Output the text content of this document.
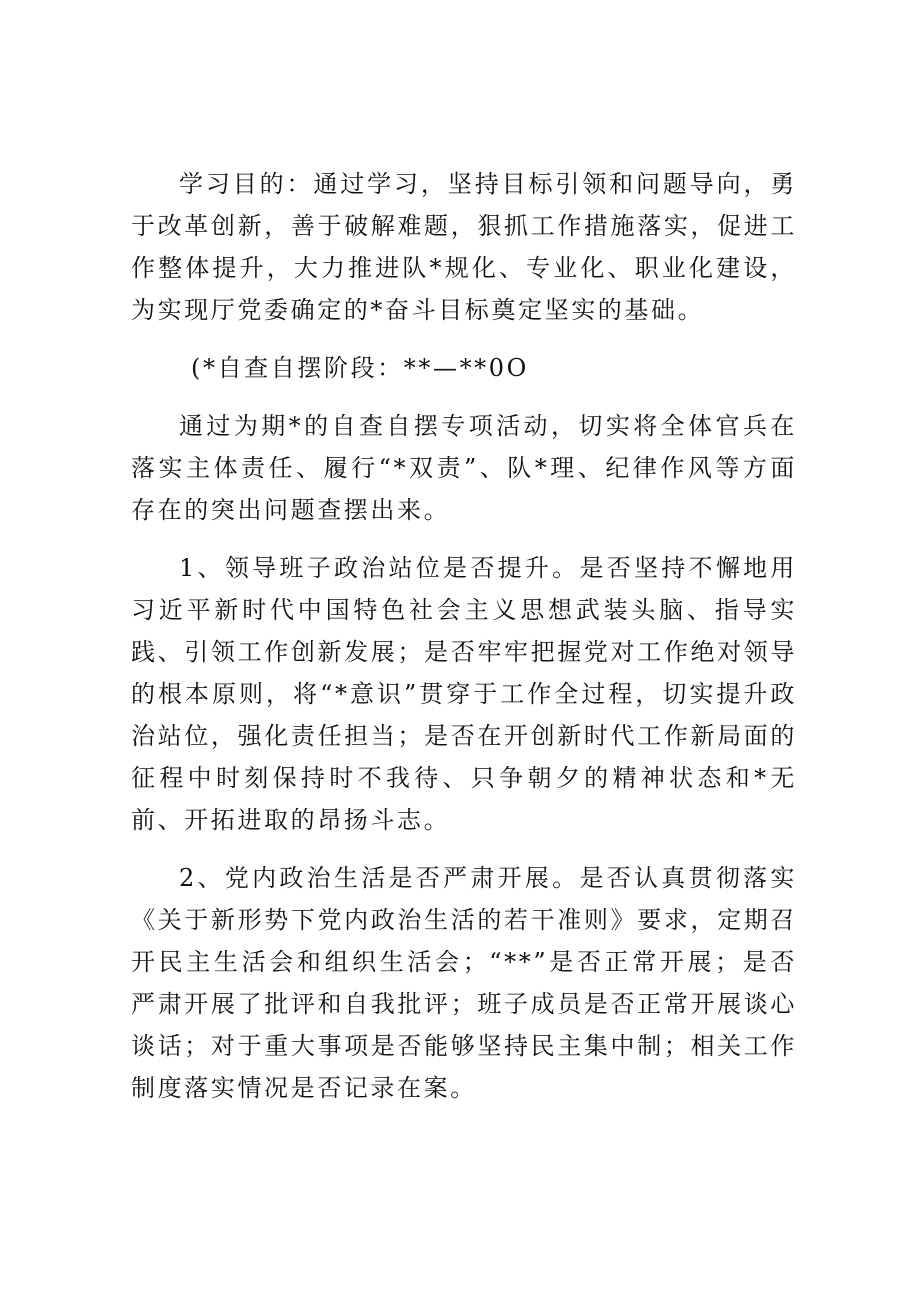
学习目的：通过学习，坚持目标引领和问题导向，勇于改革创新，善于破解难题，狠抓工作措施落实，促进工作整体提升，大力推进队*规化、专业化、职业化建设，为实现厅党委确定的*奋斗目标奠定坚实的基础。

(*自查自摆阶段：**—**0O

通过为期*的自查自摆专项活动，切实将全体官兵在落实主体责任、履行“*双责”、队*理、纪律作风等方面存在的突出问题查摆出来。

1、领导班子政治站位是否提升。是否坚持不懈地用习近平新时代中国特色社会主义思想武装头脑、指导实践、引领工作创新发展；是否牢牢把握党对工作绝对领导的根本原则，将“*意识”贯穿于工作全过程，切实提升政治站位，强化责任担当；是否在开创新时代工作新局面的征程中时刻保持时不我待、只争朝夕的精神状态和*无前、开拓进取的昂扬斗志。

2、党内政治生活是否严肃开展。是否认真贯彻落实《关于新形势下党内政治生活的若干准则》要求，定期召开民主生活会和组织生活会；“**”是否正常开展；是否严肃开展了批评和自我批评；班子成员是否正常开展谈心谈话；对于重大事项是否能够坚持民主集中制；相关工作制度落实情况是否记录在案。
